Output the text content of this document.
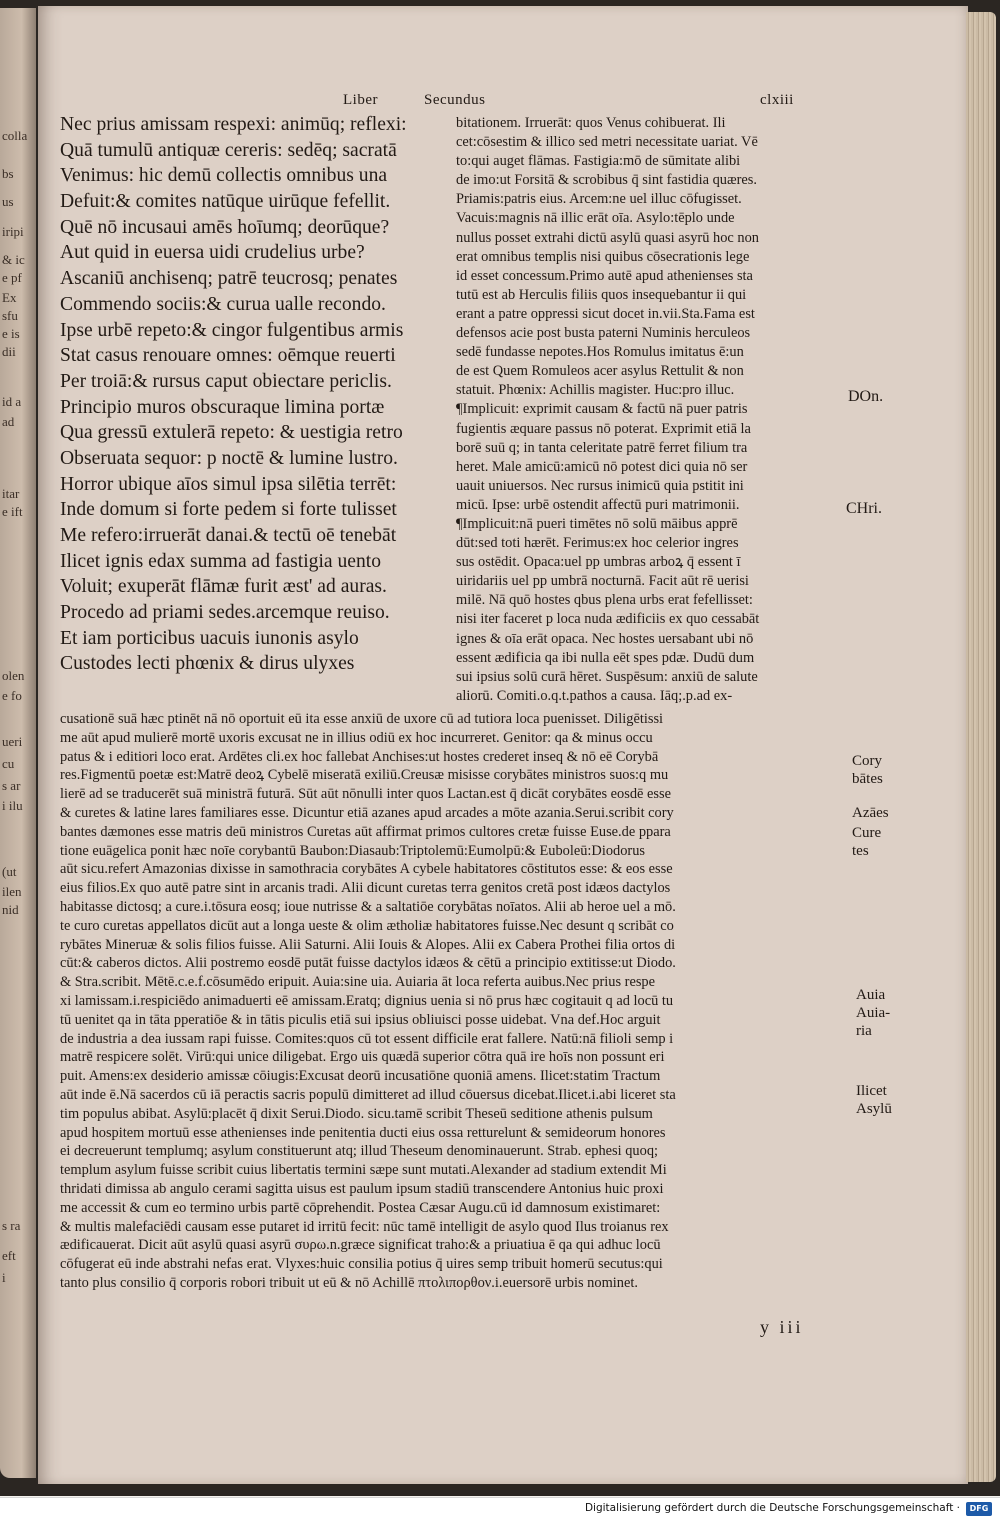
colla
bs
us
iripi
& ic
e pf
Ex
sfu
e is
dii
id a
ad
itar
e ift
olen
e fo
ueri
cu
s ar
i ilu
(ut
ilen
nid
s ra
eft
i
Liber	Secundus	clxiii
Nec prius amissam respexi: animūq; reflexi:
Quā tumulū antiquæ cereris: sedēq; sacratā
Venimus: hic demū collectis omnibus una
Defuit:& comites natūque uirūque fefellit.
Quē nō incusaui amēs hoīumq; deorūque?
Aut quid in euersa uidi crudelius urbe?
Ascaniū anchisenq; patrē teucrosq; penates
Commendo sociis:& curua ualle recondo.
Ipse urbē repeto:& cingor fulgentibus armis
Stat casus renouare omnes: oēmque reuerti
Per troiā:& rursus caput obiectare periclis.
Principio muros obscuraque limina portæ
Qua gressū extulerā repeto: & uestigia retro
Obseruata sequor: p noctē & lumine lustro.
Horror ubique aīos simul ipsa silētia terrēt:
Inde domum si forte pedem si forte tulisset
Me refero:irruerāt danai.& tectū oē tenebāt
Ilicet ignis edax summa ad fastigia uento
Voluit; exuperāt flāmæ furit æst' ad auras.
Procedo ad priami sedes.arcemque reuiso.
Et iam porticibus uacuis iunonis asylo
Custodes lecti phœnix & dirus ulyxes
bitationem. Irruerāt: quos Venus cohibuerat. Ili
cet:cōsestim & illico sed metri necessitate uariat. Vē
to:qui auget flāmas. Fastigia:mō de sūmitate alibi
de imo:ut Forsitā & scrobibus q̄ sint fastidia quæres.
Priamis:patris eius. Arcem:ne uel illuc cōfugisset.
Vacuis:magnis nā illic erāt oīa. Asylo:tēplo unde
nullus posset extrahi dictū asylū quasi asyrū hoc non
erat omnibus templis nisi quibus cōsecrationis lege
id esset concessum.Primo autē apud athenienses sta
tutū est ab Herculis filiis quos insequebantur ii qui
erant a patre oppressi sicut docet in.vii.Sta.Fama est
defensos acie post busta paterni Numinis herculeos
sedē fundasse nepotes.Hos Romulus imitatus ē:un
de est Quem Romuleos acer asylus Rettulit & non
statuit. Phœnix: Achillis magister. Huc:pro illuc.
¶Implicuit: exprimit causam & factū nā puer patris
fugientis æquare passus nō poterat. Exprimit etiā la
borē suū q; in tanta celeritate patrē ferret filium tra
heret. Male amicū:amicū nō potest dici quia nō ser
uauit uniuersos. Nec rursus inimicū quia pstitit ini
micū. Ipse: urbē ostendit affectū puri matrimonii.
¶Implicuit:nā pueri timētes nō solū māibus apprē
dūt:sed toti hærēt. Ferimus:ex hoc celerior ingres
sus ostēdit. Opaca:uel pp umbras arboꝝ q̄ essent ī
uiridariis uel pp umbrā nocturnā. Facit aūt rē uerisi
milē. Nā quō hostes qbus plena urbs erat fefellisset:
nisi iter faceret p loca nuda ædificiis ex quo cessabāt
ignes & oīa erāt opaca. Nec hostes uersabant ubi nō
essent ædificia qa ibi nulla eēt spes pdæ. Dudū dum
sui ipsius solū curā hēret. Suspēsum: anxiū de salute
aliorū. Comiti.o.q.t.pathos a causa. Iāq;.p.ad ex-
cusationē suā hæc ptinēt nā nō oportuit eū ita esse anxiū de uxore cū ad tutiora loca puenisset. Diligētissi
me aūt apud mulierē mortē uxoris excusat ne in illius odiū ex hoc incurreret. Genitor: qa & minus occu
patus & i editiori loco erat. Ardētes cli.ex hoc fallebat Anchises:ut hostes crederet inseq & nō eē Corybā
res.Figmentū poetæ est:Matrē deoꝝ Cybelē miseratā exiliū.Creusæ misisse corybātes ministros suos:q mu
lierē ad se traducerēt suā ministrā futurā. Sūt aūt nōnulli inter quos Lactan.est q̄ dicāt corybātes eosdē esse
& curetes & latine lares familiares esse. Dicuntur etiā azanes apud arcades a mōte azania.Serui.scribit cory
bantes dæmones esse matris deū ministros Curetas aūt affirmat primos cultores cretæ fuisse Euse.de pparа
tione euāgelica ponit hæc noīe corybantū Baubon:Diasaub:Triptolemū:Eumolpū:& Euboleū:Diodorus
aūt sicu.refert Amazonias dixisse in samothracia corybātes A cybele habitatores cōstitutos esse: & eos esse
eius filios.Ex quo autē patre sint in arcanis tradi. Alii dicunt curetas terra genitos cretā post idæos dactylos
habitasse dictosq; a cure.i.tōsura eosq; ioue nutrisse & a saltatiōe corybātas noīatos. Alii ab heroe uel a mō.
te curo curetas appellatos dicūt aut a longa ueste & olim ætholiæ habitatores fuisse.Nec desunt q scribāt co
rybātes Mineruæ & solis filios fuisse. Alii Saturni. Alii Iouis & Alopes. Alii ex Cabera Prothei filia ortos di
cūt:& caberos dictos. Alii postremo eosdē putāt fuisse dactylos idæos & cētū a principio extitisse:ut Diodo.
& Stra.scribit. Mētē.c.e.f.cōsumēdo eripuit. Auia:sine uia. Auiaria āt loca referta auibus.Nec prius respe
xi lamissam.i.respiciēdo animaduerti eē amissam.Eratq; dignius uenia si nō prus hæc cogitauit q ad locū tu
tū uenitet qa in tāta pperatiōe & in tātis piculis etiā sui ipsius obliuisci posse uidebat. Vna def.Hoc arguit
de industria a dea iussam rapi fuisse. Comites:quos cū tot essent difficile erat fallere. Natū:nā filioli semp i
matrē respicere solēt. Virū:qui unice diligebat. Ergo uis quædā superior cōtra quā ire hoīs non possunt eri
puit. Amens:ex desiderio amissæ cōiugis:Excusat deorū incusatiōne quoniā amens. Ilicet:statim Tractum
aūt inde ē.Nā sacerdos cū iā peractis sacris populū dimitteret ad illud cōuersus dicebat.Ilicet.i.abi liceret sta
tim populus abibat. Asylū:placēt q̄ dixit Serui.Diodo. sicu.tamē scribit Theseū seditione athenis pulsum
apud hospitem mortuū esse athenienses inde penitentia ducti eius ossa retturelunt & semideorum honores
ei decreuerunt templumq; asylum constituerunt atq; illud Theseum denominauerunt. Strab. ephesi quoq;
templum asylum fuisse scribit cuius libertatis termini sæpe sunt mutati.Alexander ad stadium extendit Mi
thridati dimissa ab angulo cerami sagitta uisus est paulum ipsum stadiū transcendere Antonius huic proxi
me accessit & cum eo termino urbis partē cōprehendit. Postea Cæsar Augu.cū id damnosum existimaret:
& multis malefaciēdi causam esse putaret id irritū fecit: nūc tamē intelligit de asylo quod Ilus troianus rex
ædificauerat. Dicit aūt asylū quasi asyrū συρω.n.græce significat traho:& a priuatiua ē qa qui adhuc locū
cōfugerat eū inde abstrahi nefas erat. Vlyxes:huic consilia potius q̄ uires semp tribuit homerū secutus:qui
tanto plus consilio q̄ corporis robori tribuit ut eū & nō Achillē πτολιπορθον.i.euersorē urbis nominet.
DOn.
CHri.
Cory
bātes
Azāes
Cure
tes
Auia
Auia-
ria
Ilicet
Asylū
y iii
Digitalisierung gefördert durch die Deutsche Forschungsgemeinschaft ·	DFG
